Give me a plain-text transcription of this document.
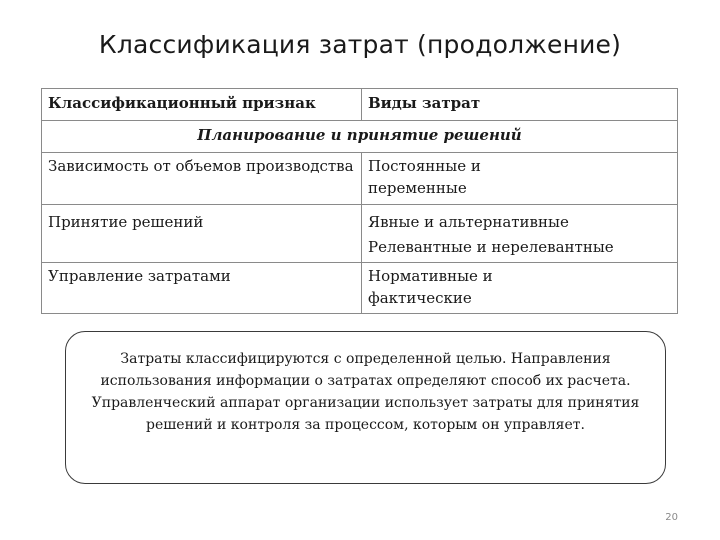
Классификация затрат (продолжение)
Классификационный признак	Виды затрат
Планирование и принятие решений	
Зависимость от объемов производства	Постоянные и
переменные

Принятие решений	Явные и альтернативные
Релевантные и нерелевантные

Управление затратами	Нормативные и
фактические
Затраты классифицируются с определенной целью. Направления использования информации о затратах определяют способ их расчета. Управленческий аппарат организации использует затраты для принятия решений и контроля за процессом, которым он управляет.
20
